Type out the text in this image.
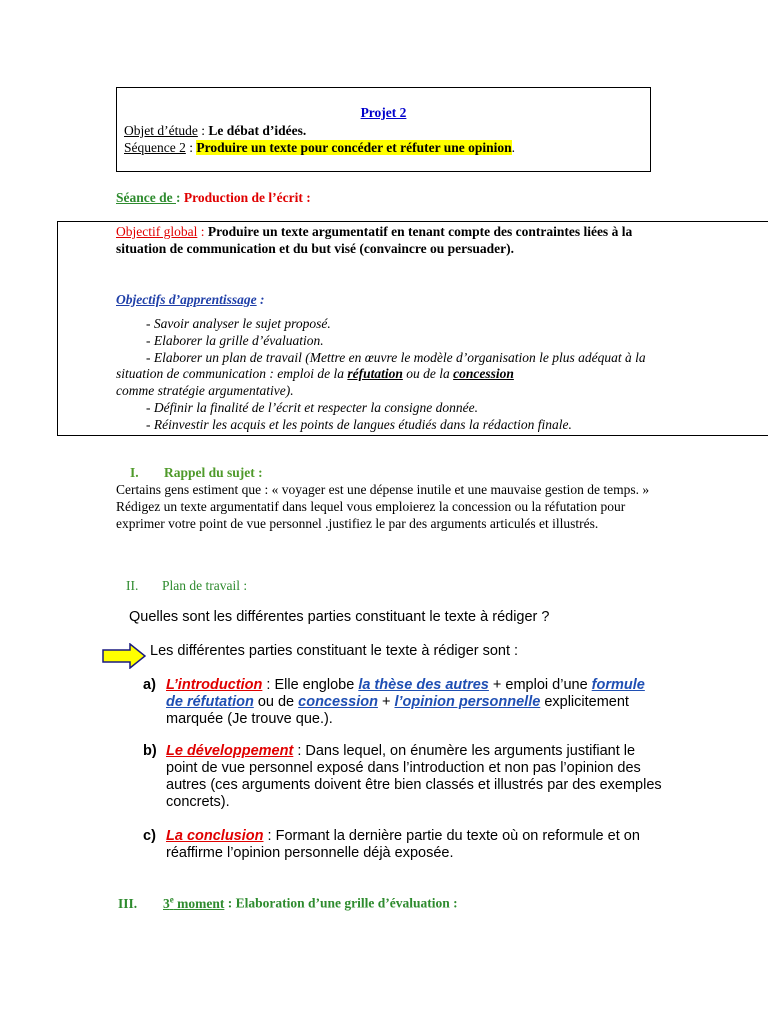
Projet 2
Objet d’étude : Le débat d’idées.
Séquence 2 : Produire un texte pour concéder et réfuter une opinion.
Séance de : Production de l’écrit :
Objectif global : Produire un texte argumentatif en tenant compte des contraintes liées à la situation de communication et du but visé (convaincre ou persuader).
Objectifs d’apprentissage :
- Savoir analyser le sujet proposé.
- Elaborer la grille d’évaluation.
- Elaborer un plan de travail (Mettre en œuvre le modèle d’organisation le plus adéquat à la situation de communication : emploi de la réfutation ou de la concession
comme stratégie argumentative).
- Définir la finalité de l’écrit et respecter la consigne donnée.
- Réinvestir les acquis et les points de langues étudiés dans la rédaction finale.
I. Rappel du sujet :
Certains gens estiment que : « voyager est une dépense inutile et une mauvaise gestion de temps. » Rédigez un texte argumentatif dans lequel vous emploierez la concession ou la réfutation pour exprimer votre point de vue personnel .justifiez le par des arguments articulés et illustrés.
II. Plan de travail :
Quelles sont les différentes parties constituant le texte à rédiger ?
Les différentes parties constituant le texte à rédiger sont :
a) L’introduction : Elle englobe la thèse des autres + emploi d’une formule de réfutation ou de concession + l’opinion personnelle explicitement marquée (Je trouve que.).
b) Le développement : Dans lequel, on énumère les arguments justifiant le point de vue personnel exposé dans l’introduction et non pas l’opinion des autres (ces arguments doivent être bien classés et illustrés par des exemples concrets).
c) La conclusion : Formant la dernière partie du texte où on reformule et on réaffirme l’opinion personnelle déjà exposée.
III. 3e moment : Elaboration d’une grille d’évaluation :
